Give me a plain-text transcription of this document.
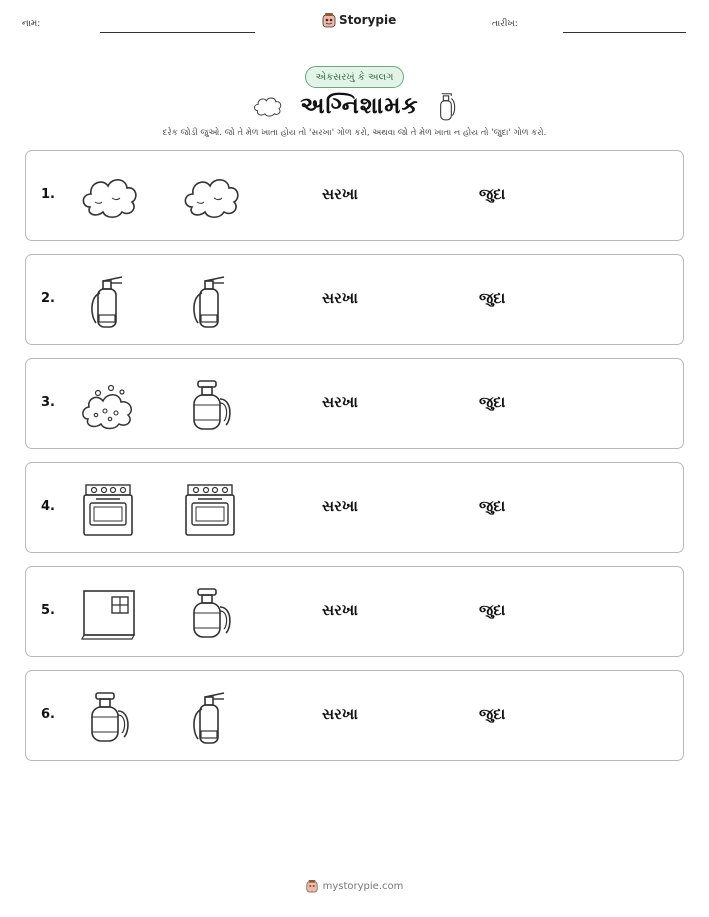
નામ:	Storypie	તારીખ:
એકસરખું કે અલગ
અગ્નિશામક
દરેક જોડી જુઓ. જો તે મેળ ખાતા હોય તો 'સરખા' ગોળ કરો, અથવા જો તે મેળ ખાતા ન હોય તો 'જુદા' ગોળ કરો.
1.	સરખા	જુદા
2.	સરખા	જુદા
3.	સરખા	જુદા
4.	સરખા	જુદા
5.	સરખા	જુદા
6.	સરખા	જુદા
mystorypie.com
